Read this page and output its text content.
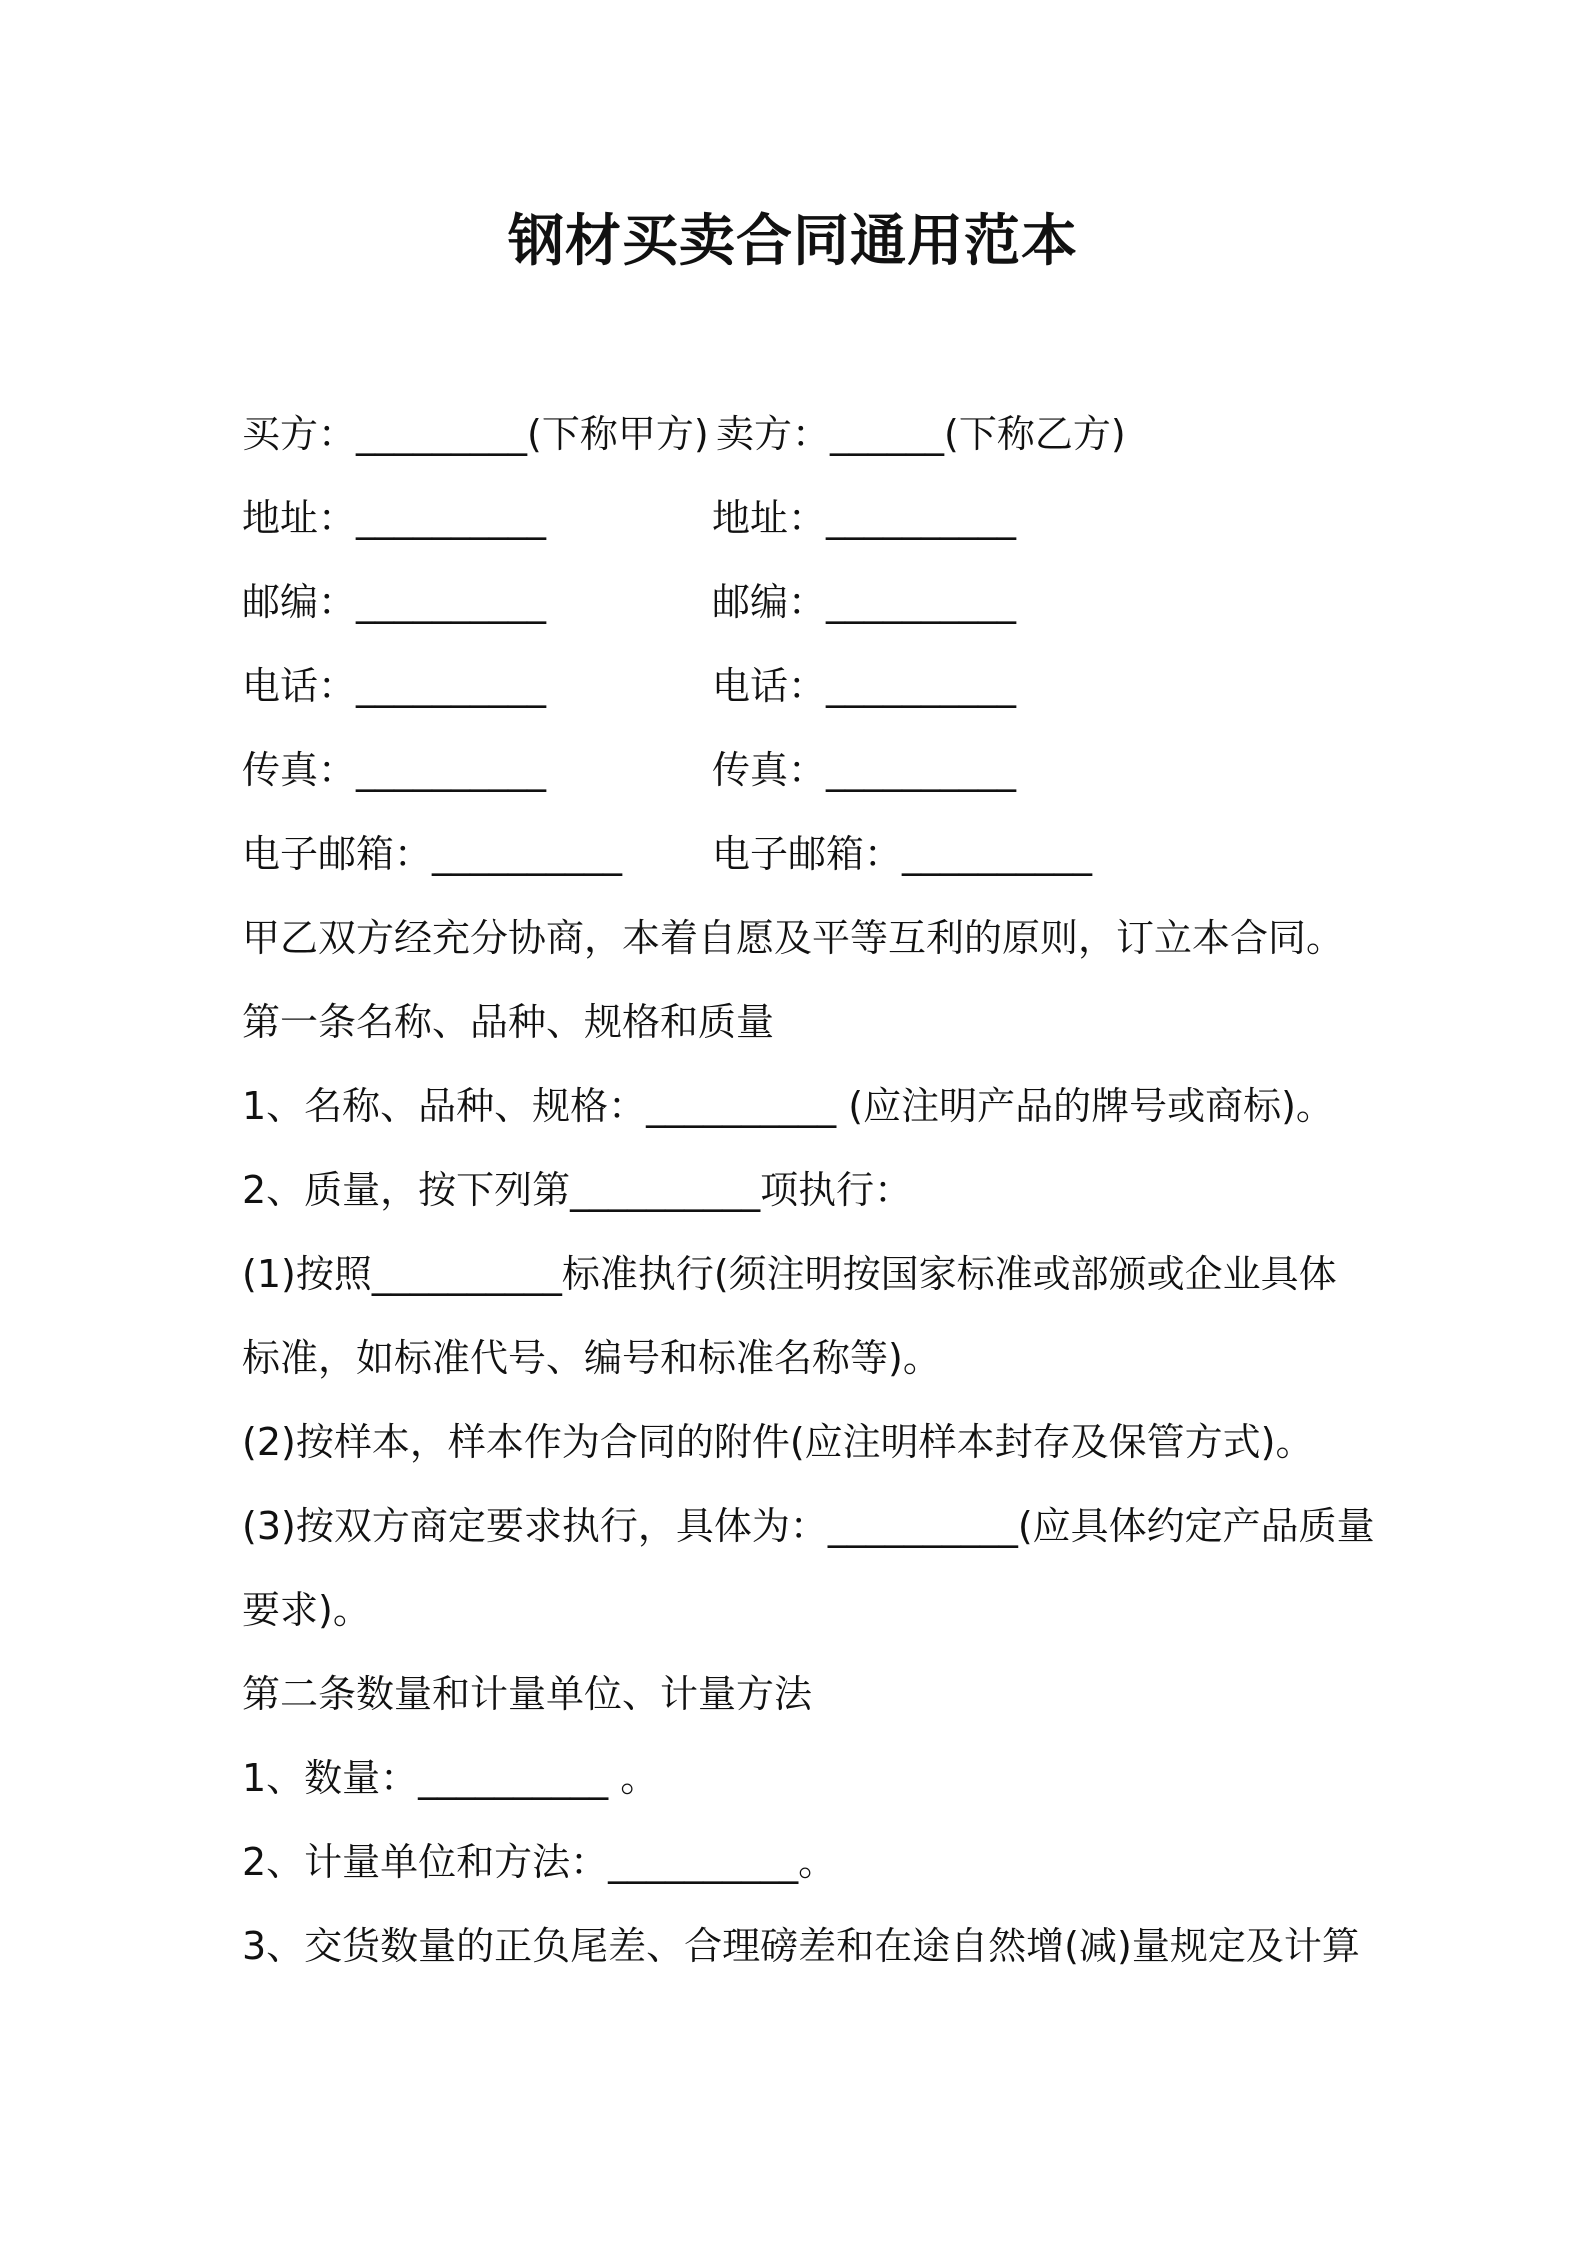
钢材买卖合同通用范本
买方：_________(下称甲方) 卖方：______(下称乙方)
地址：__________	地址：__________
邮编：__________	邮编：__________
电话：__________	电话：__________
传真：__________	传真：__________
电子邮箱：__________ 电子邮箱：__________
甲乙双方经充分协商，本着自愿及平等互利的原则，订立本合同。
第一条名称、品种、规格和质量
1、名称、品种、规格：__________ (应注明产品的牌号或商标)。
2、质量，按下列第__________项执行：
(1)按照__________标准执行(须注明按国家标准或部颁或企业具体
标准，如标准代号、编号和标准名称等)。
(2)按样本，样本作为合同的附件(应注明样本封存及保管方式)。
(3)按双方商定要求执行，具体为：__________(应具体约定产品质量
要求)。
第二条数量和计量单位、计量方法
1、数量：__________ 。
2、计量单位和方法：__________。
3、交货数量的正负尾差、合理磅差和在途自然增(减)量规定及计算
